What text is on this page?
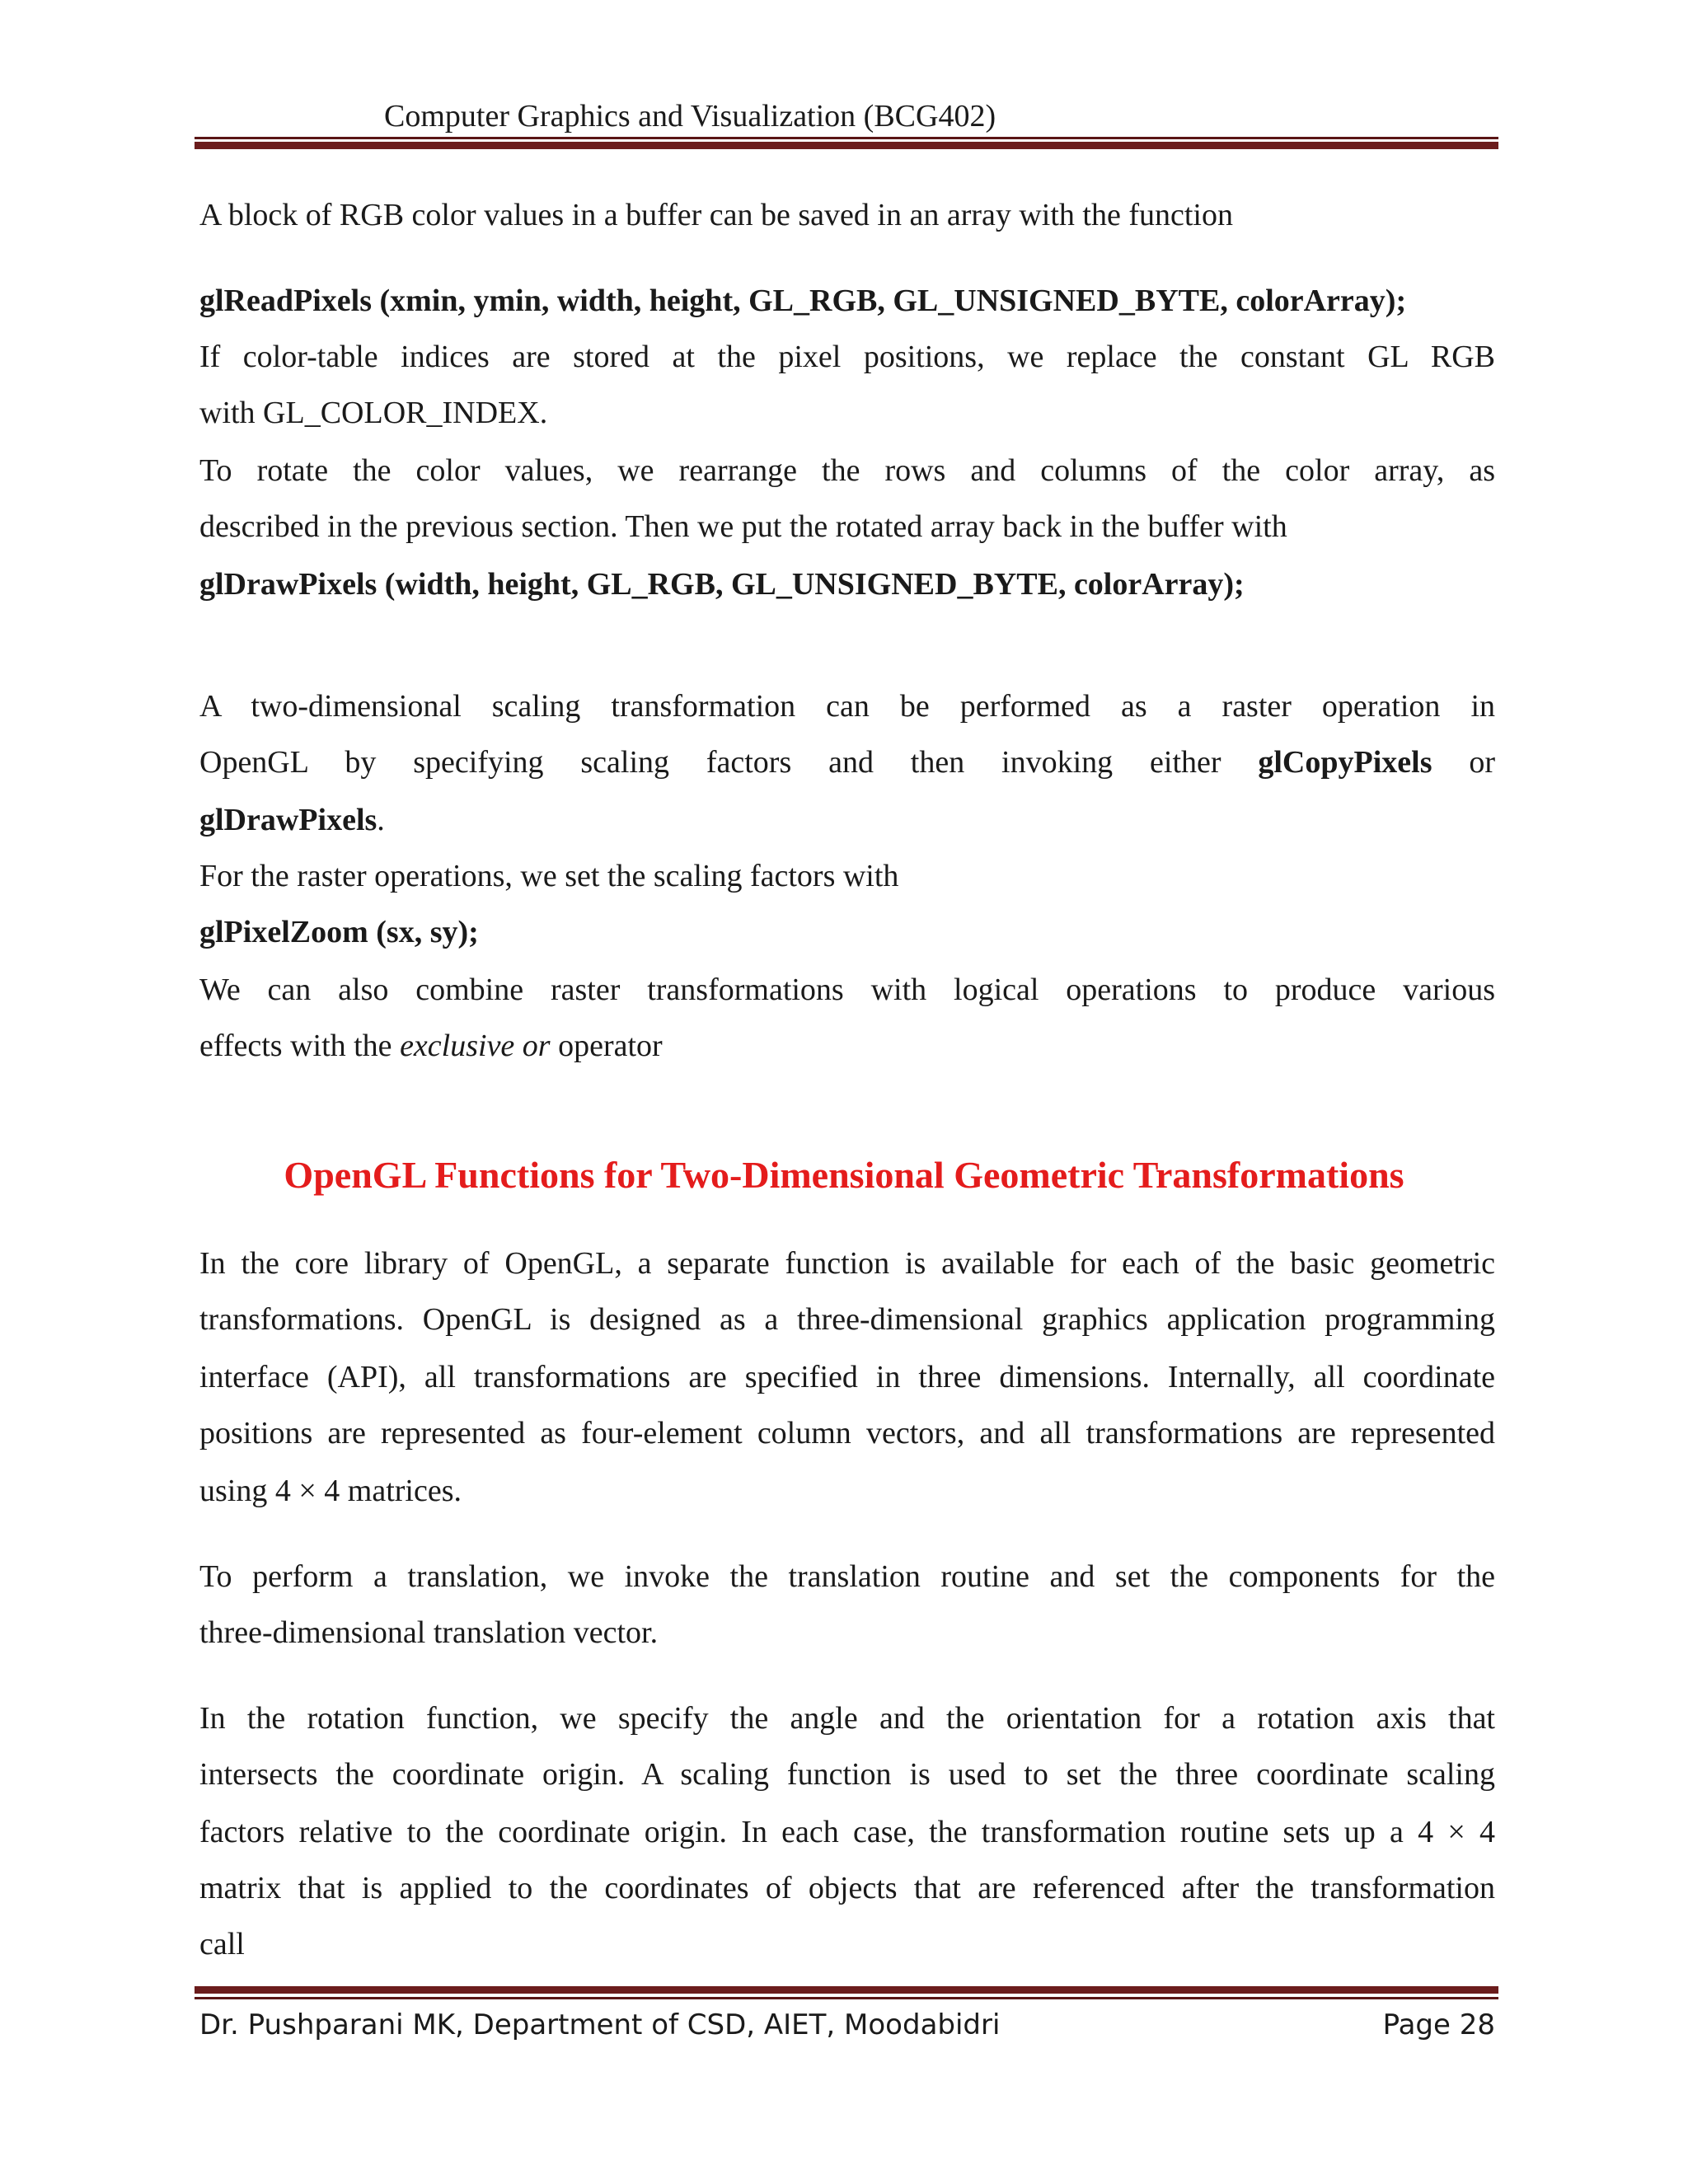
Computer Graphics and Visualization (BCG402)
A block of RGB color values in a buffer can be saved in an array with the function
glReadPixels (xmin, ymin, width, height, GL_RGB, GL_UNSIGNED_BYTE, colorArray);
If color-table indices are stored at the pixel positions, we replace the constant GL RGB
with GL_COLOR_INDEX.
To rotate the color values, we rearrange the rows and columns of the color array, as
described in the previous section. Then we put the rotated array back in the buffer with
glDrawPixels (width, height, GL_RGB, GL_UNSIGNED_BYTE, colorArray);
A two-dimensional scaling transformation can be performed as a raster operation in
OpenGL by specifying scaling factors and then invoking either glCopyPixels or
glDrawPixels.
For the raster operations, we set the scaling factors with
glPixelZoom (sx, sy);
We can also combine raster transformations with logical operations to produce various
effects with the exclusive or operator
OpenGL Functions for Two-Dimensional Geometric Transformations
In the core library of OpenGL, a separate function is available for each of the basic geometric
transformations. OpenGL is designed as a three-dimensional graphics application programming
interface (API), all transformations are specified in three dimensions. Internally, all coordinate
positions are represented as four-element column vectors, and all transformations are represented
using 4 × 4 matrices.
To perform a translation, we invoke the translation routine and set the components for the
three-dimensional translation vector.
In the rotation function, we specify the angle and the orientation for a rotation axis that
intersects the coordinate origin. A scaling function is used to set the three coordinate scaling
factors relative to the coordinate origin. In each case, the transformation routine sets up a 4 × 4
matrix that is applied to the coordinates of objects that are referenced after the transformation
call
Dr. Pushparani MK, Department of CSD, AIET, Moodabidri	Page 28
